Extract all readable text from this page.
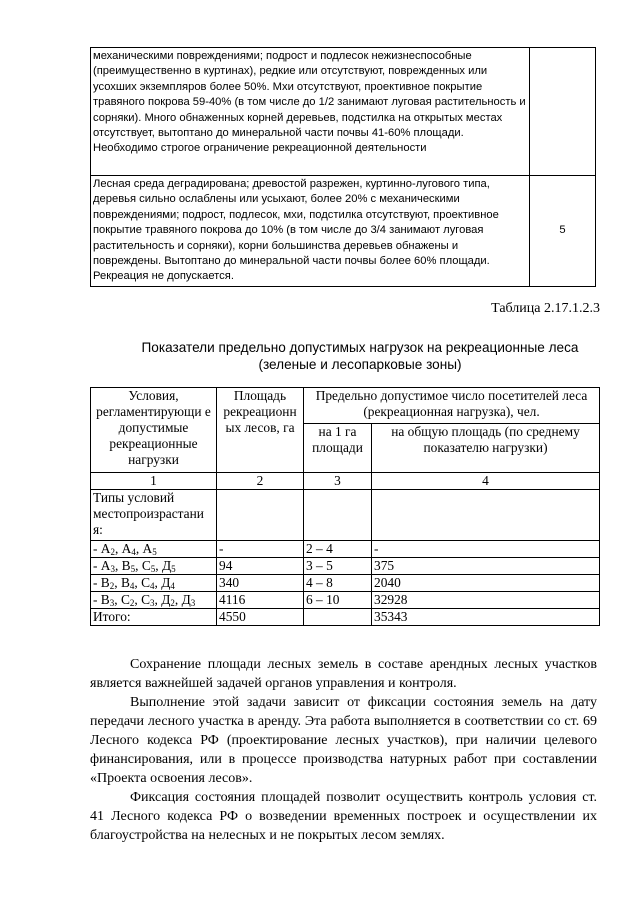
механическими повреждениями; подрост и подлесок нежизнеспособные (преимущественно в куртинах), редкие или отсутствуют, поврежденных или усохших экземпляров более 50%. Мхи отсутствуют, проективное покрытие травяного покрова 59-40% (в том числе до 1/2 занимают луговая растительность и сорняки). Много обнаженных корней деревьев, подстилка на открытых местах отсутствует, вытоптано до минеральной части почвы 41-60% площади. Необходимо строгое ограничение рекреационной деятельности	
Лесная среда деградирована; древостой разрежен, куртинно-лугового типа, деревья сильно ослаблены или усыхают, более 20% с механическими повреждениями; подрост, подлесок, мхи, подстилка отсутствуют, проективное покрытие травяного покрова до 10% (в том числе до 3/4 занимают луговая растительность и сорняки), корни большинства деревьев обнажены и повреждены. Вытоптано до минеральной части почвы более 60% площади. Рекреация не допускается.	5
Таблица 2.17.1.2.3
Показатели предельно допустимых нагрузок на рекреационные леса
(зеленые и лесопарковые зоны)
Условия, регламентирующи е допустимые рекреационные нагрузки	Площадь рекреационн ых лесов, га	Предельно допустимое число посетителей леса (рекреационная нагрузка), чел.	
		на 1 га площади	на общую площадь (по среднему показателю нагрузки)
1	2	3	4
Типы условий местопроизрастани я:			
- $А_2$, $А_4$, $А_5$	-	2 – 4	-
- $А_3$, $В_5$, $С_5$, $Д_5$	94	3 – 5	375
- $В_2$, $В_4$, $С_4$, $Д_4$	340	4 – 8	2040
- $В_3$, $С_2$, $С_3$, $Д_2$, $Д_3$	4116	6 – 10	32928
Итого:	4550		35343

Сохранение площади лесных земель в составе арендных лесных участков является важнейшей задачей органов управления и контроля.

Выполнение этой задачи зависит от фиксации состояния земель на дату передачи лесного участка в аренду. Эта работа выполняется в соответствии со ст. 69 Лесного кодекса РФ (проектирование лесных участков), при наличии целевого финансирования, или в процессе производства натурных работ при составлении «Проекта освоения лесов».

Фиксация состояния площадей позволит осуществить контроль условия ст. 41 Лесного кодекса РФ о возведении временных построек и осуществлении их благоустройства на нелесных и не покрытых лесом землях.
